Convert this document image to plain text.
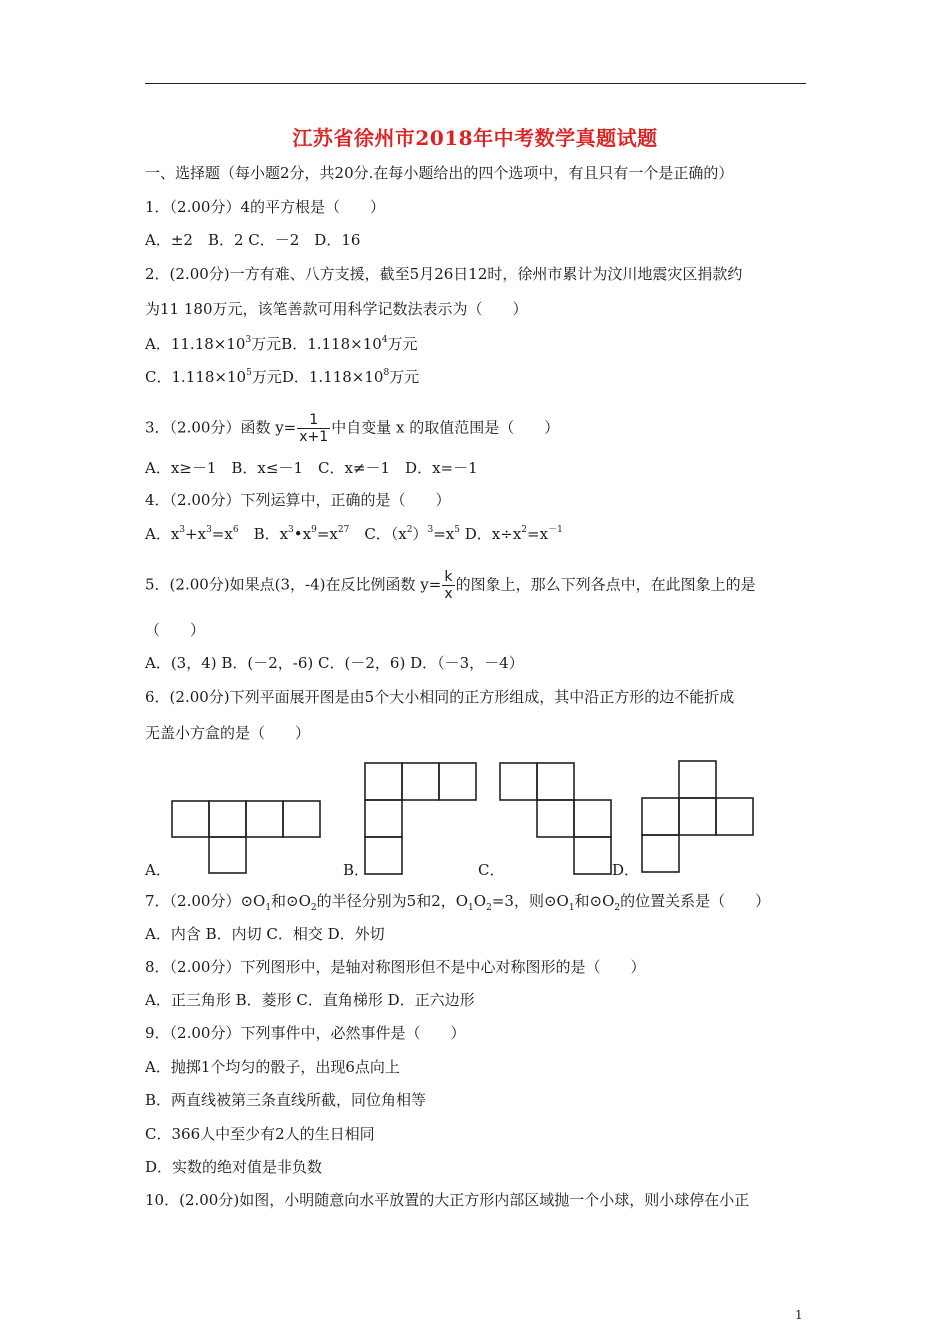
江苏省徐州市2018年中考数学真题试题
一、选择题（每小题2分，共20分.在每小题给出的四个选项中，有且只有一个是正确的）
1．（2.00分）4的平方根是（　　）
A．±2　B．2 C．－2　D．16
2．(2.00分)一方有难、八方支援，截至5月26日12时，徐州市累计为汶川地震灾区捐款约
为11 180万元，该笔善款可用科学记数法表示为（　　）
A．$11.18\times 10^3$万元B．$1.118\times 10^4$万元
C．$1.118\times 10^5$万元D．$1.118\times 10^8$万元
3．（2.00分）函数 $y= \frac{1}{x+1}$ 中自变量 x 的取值范围是（　　）
A．x≥－1　B．x≤－1　C．x≠－1　D．x=－1
4．（2.00分）下列运算中，正确的是（　　）
A．$x^3+x^3=x^6$　B．$x^3•x^9=x^{27}$　C．$(x^2)^3=x^5$ D．$x\div x^2=x^{-1}$
5．(2.00分)如果点(3，-4)在反比例函数 $y= \frac{k}{x}$ 的图象上，那么下列各点中，在此图象上的是
（　　）
A．(3，4) B．(－2，-6) C．(－2，6) D．（－3，－4）
6．(2.00分)下列平面展开图是由5个大小相同的正方形组成，其中沿正方形的边不能折成
无盖小方盒的是（　　）
A．	B．	C．	D．
7．（2.00分）$⊙O_1$和$⊙O_2$的半径分别为5和2，$O_1O_2=3$，则$⊙O_1$和$⊙O_2$的位置关系是（　　）
A．内含 B．内切 C．相交 D．外切
8．（2.00分）下列图形中，是轴对称图形但不是中心对称图形的是（　　）
A．正三角形 B．菱形 C．直角梯形 D．正六边形
9．（2.00分）下列事件中，必然事件是（　　）
A．抛掷1个均匀的骰子，出现6点向上
B．两直线被第三条直线所截，同位角相等
C．366人中至少有2人的生日相同
D．实数的绝对值是非负数
10．(2.00分)如图，小明随意向水平放置的大正方形内部区域抛一个小球，则小球停在小正
1
